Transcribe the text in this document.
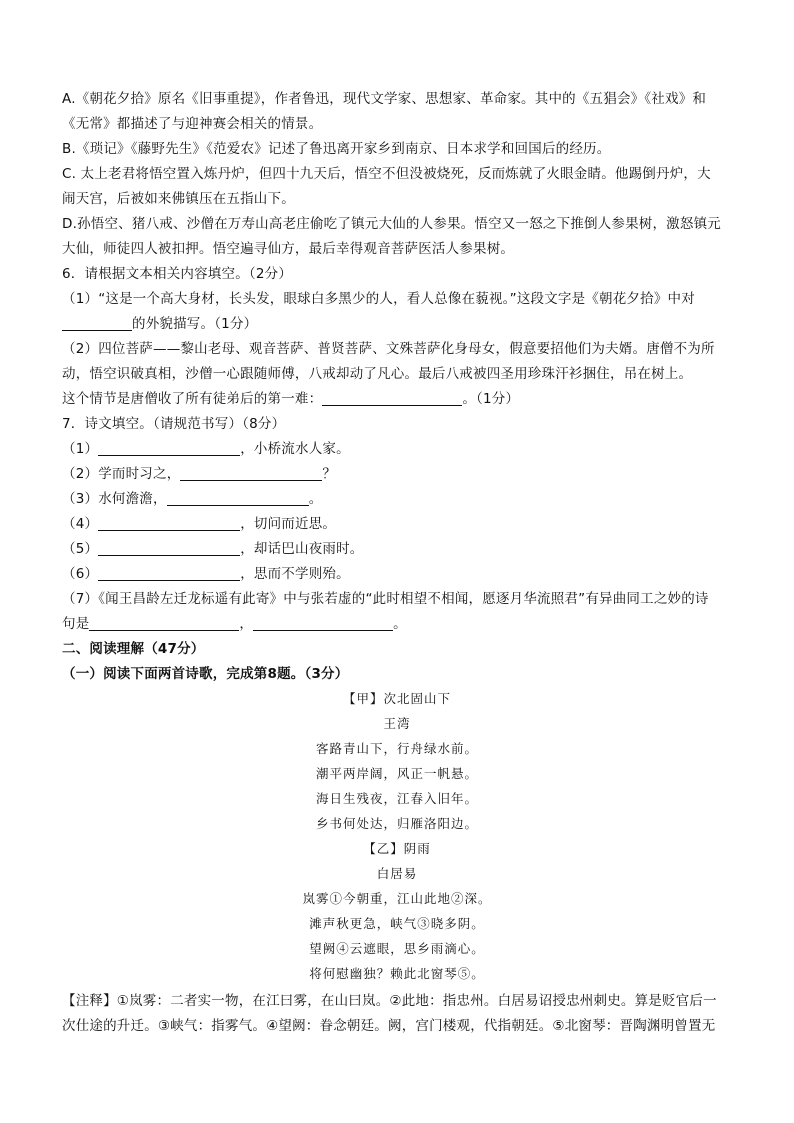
A.《朝花夕拾》原名《旧事重提》，作者鲁迅，现代文学家、思想家、革命家。其中的《五猖会》《社戏》和
《无常》都描述了与迎神赛会相关的情景。
B.《琐记》《藤野先生》《范爱农》记述了鲁迅离开家乡到南京、日本求学和回国后的经历。
C. 太上老君将悟空置入炼丹炉，但四十九天后，悟空不但没被烧死，反而炼就了火眼金睛。他踢倒丹炉，大
闹天宫，后被如来佛镇压在五指山下。
D.孙悟空、猪八戒、沙僧在万寿山高老庄偷吃了镇元大仙的人参果。悟空又一怒之下推倒人参果树，激怒镇元
大仙，师徒四人被扣押。悟空遍寻仙方，最后幸得观音菩萨医活人参果树。
6．请根据文本相关内容填空。（2分）
（1）“这是一个高大身材，长头发，眼球白多黑少的人，看人总像在藐视。”这段文字是《朝花夕拾》中对
的外貌描写。（1分）
（2）四位菩萨——黎山老母、观音菩萨、普贤菩萨、文殊菩萨化身母女，假意要招他们为夫婿。唐僧不为所
动，悟空识破真相，沙僧一心跟随师傅，八戒却动了凡心。最后八戒被四圣用珍珠汗衫捆住，吊在树上。
这个情节是唐僧收了所有徒弟后的第一难：	。（1分）
7．诗文填空。（请规范书写）（8分）
（1）	，小桥流水人家。
（2）学而时习之，	？
（3）水何澹澹，	。
（4）	，切问而近思。
（5）	，却话巴山夜雨时。
（6）	，思而不学则殆。
（7）《闻王昌龄左迁龙标遥有此寄》中与张若虚的“此时相望不相闻，愿逐月华流照君”有异曲同工之妙的诗
句是	，	。
二、阅读理解（47分）
（一）阅读下面两首诗歌，完成第8题。（3分）
【甲】次北固山下
王湾
客路青山下，行舟绿水前。
潮平两岸阔，风正一帆悬。
海日生残夜，江春入旧年。
乡书何处达，归雁洛阳边。
【乙】阴雨
白居易
岚雾①今朝重，江山此地②深。
滩声秋更急，峡气③晓多阴。
望阙④云遮眼，思乡雨滴心。
将何慰幽独？赖此北窗琴⑤。
【注释】①岚雾：二者实一物，在江曰雾，在山曰岚。②此地：指忠州。白居易诏授忠州刺史。算是贬官后一
次仕途的升迁。③峡气：指雾气。④望阙：眷念朝廷。阙，宫门楼观，代指朝廷。⑤北窗琴：晋陶渊明曾置无
